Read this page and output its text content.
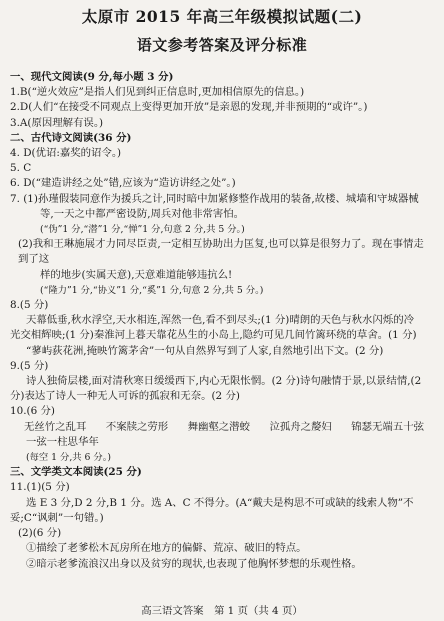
太原市 2015 年高三年级模拟试题(二)
语文参考答案及评分标准

一、现代文阅读(9 分,每小题 3 分)

1.B(“逆火效应”是指人们见到纠正信息时,更加相信原先的信息。)

2.D(人们“在接受不同观点上变得更加开放”是亲恩的发现,并非预期的“或许”。)

3.A(原因理解有误。)

二、古代诗文阅读(36 分)

4. D(优诏:嘉奖的诏令。)

5. C

6. D(“建造讲经之处”错,应该为“造访讲经之处”。)

7. (1)孙瑾假装同意作为援兵之计,同时暗中加紧修整作战用的装备,故楼、城墙和守城器械

等,一天之中都严密设防,周兵对他非常害怕。

(“伪”1 分,“潜”1 分,“惮”1 分,句意 2 分,共 5 分。)

(2)我和王琳施展才力同尽臣责,一定相互协助出力匡复,也可以算是很努力了。现在事情走到了这

样的地步(实属天意),天意难道能够违抗么!

(“隆力”1 分,“协义”1 分,“奚”1 分,句意 2 分,共 5 分。)

8.(5 分)

天幕低垂,秋水浮空,天水相连,浑然一色,看不到尽头;(1 分)晴朗的天色与秋水闪烁的冷

光交相辉映;(1 分)秦淮河上暮天靠花丛生的小岛上,隐约可见几间竹篱环绕的草舍。(1 分)

“蓼屿荻花洲,掩映竹篱茅舍”一句从自然界写到了人家,自然地引出下文。(2 分)

9.(5 分)

诗人独倚层楼,面对清秋寒日缓缓西下,内心无限怅惘。(2 分)诗句融情于景,以景结情,(2

分)表达了诗人一种无人可诉的孤寂和无奈。(2 分)

10.(6 分)

无丝竹之乱耳 不案牍之劳形 舞幽壑之潜蛟 泣孤舟之嫠妇 锦瑟无端五十弦

一弦一柱思华年

(每空 1 分,共 6 分。)

三、文学类文本阅读(25 分)

11.(1)(5 分)

选 E 3 分,D 2 分,B 1 分。选 A、C 不得分。(A“戴夫是构思不可或缺的线索人物”不

妥;C“讽刺”一句错。)

(2)(6 分)

①描绘了老爹松木瓦房所在地方的偏僻、荒凉、破旧的特点。

②暗示老爹流浪汉出身以及贫穷的现状,也表现了他胸怀梦想的乐观性格。

高三语文答案　第 1 页（共 4 页）
